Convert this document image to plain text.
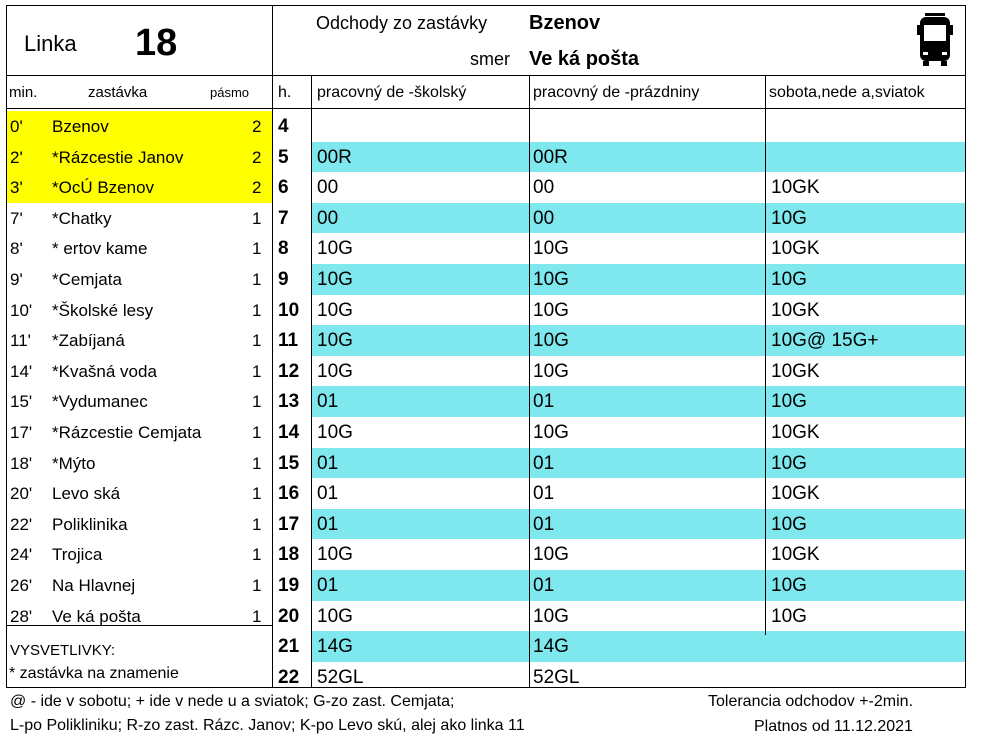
Linka 18	Odchody zo zastávky Bzenov
smer Ve ká pošta
min.	zastávka	pásmo
0' Bzenov	2
2' *Rázcestie Janov	2
3' *OcÚ Bzenov	2
7' *Chatky	1
8' * ertov kame	1
9' *Cemjata	1
10' *Školské lesy	1
11' *Zabíjaná	1
14' *Kvašná voda	1
15' *Vydumanec	1
17' *Rázcestie Cemjata	1
18' *Mýto	1
20' Levo ská	1
22' Poliklinika	1
24' Trojica	1
26' Na Hlavnej	1
28' Ve ká pošta	1
VYSVETLIVKY:
* zastávka na znamenie
h. pracovný de -školský	pracovný de -prázdniny	sobota,nede a,sviatok
4
5 00R	00R
6 00	00	10GK
7 00	00	10G
8 10G	10G	10GK
9 10G	10G	10G
10 10G	10G	10GK
11 10G	10G	10G@ 15G+
12 10G	10G	10GK
13 01	01	10G
14 10G	10G	10GK
15 01	01	10G
16 01	01	10GK
17 01	01	10G
18 10G	10G	10GK
19 01	01	10G
20 10G	10G	10G
21 14G	14G
22 52GL	52GL
@ - ide v sobotu; + ide v nede u a sviatok; G-zo zast. Cemjata;
L-po Polikliniku; R-zo zast. Rázc. Janov; K-po Levo skú, alej ako linka 11
Tolerancia odchodov +-2min.
Platnos od 11.12.2021
